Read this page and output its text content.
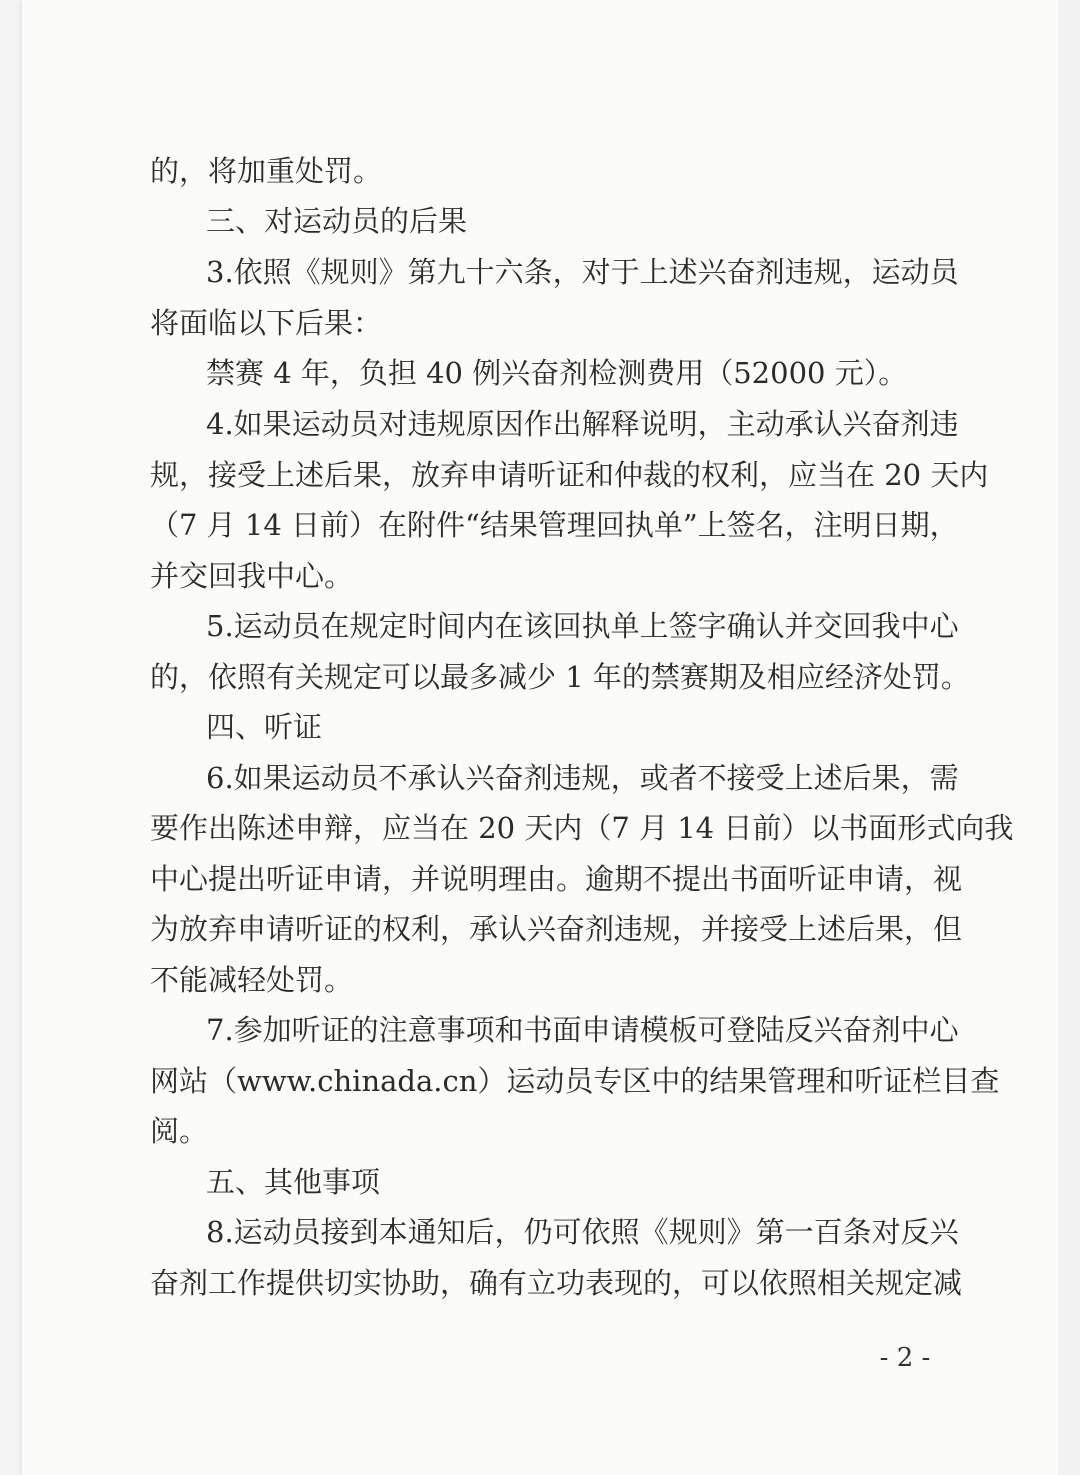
的，将加重处罚。
三、对运动员的后果
3.依照《规则》第九十六条，对于上述兴奋剂违规，运动员
将面临以下后果：
禁赛 4 年，负担 40 例兴奋剂检测费用（52000 元）。
4.如果运动员对违规原因作出解释说明，主动承认兴奋剂违
规，接受上述后果，放弃申请听证和仲裁的权利，应当在 20 天内
（7 月 14 日前）在附件“结果管理回执单”上签名，注明日期，
并交回我中心。
5.运动员在规定时间内在该回执单上签字确认并交回我中心
的，依照有关规定可以最多减少 1 年的禁赛期及相应经济处罚。
四、听证
6.如果运动员不承认兴奋剂违规，或者不接受上述后果，需
要作出陈述申辩，应当在 20 天内（7 月 14 日前）以书面形式向我
中心提出听证申请，并说明理由。逾期不提出书面听证申请，视
为放弃申请听证的权利，承认兴奋剂违规，并接受上述后果，但
不能减轻处罚。
7.参加听证的注意事项和书面申请模板可登陆反兴奋剂中心
网站（www.chinada.cn）运动员专区中的结果管理和听证栏目查
阅。
五、其他事项
8.运动员接到本通知后，仍可依照《规则》第一百条对反兴
奋剂工作提供切实协助，确有立功表现的，可以依照相关规定减
- 2 -
